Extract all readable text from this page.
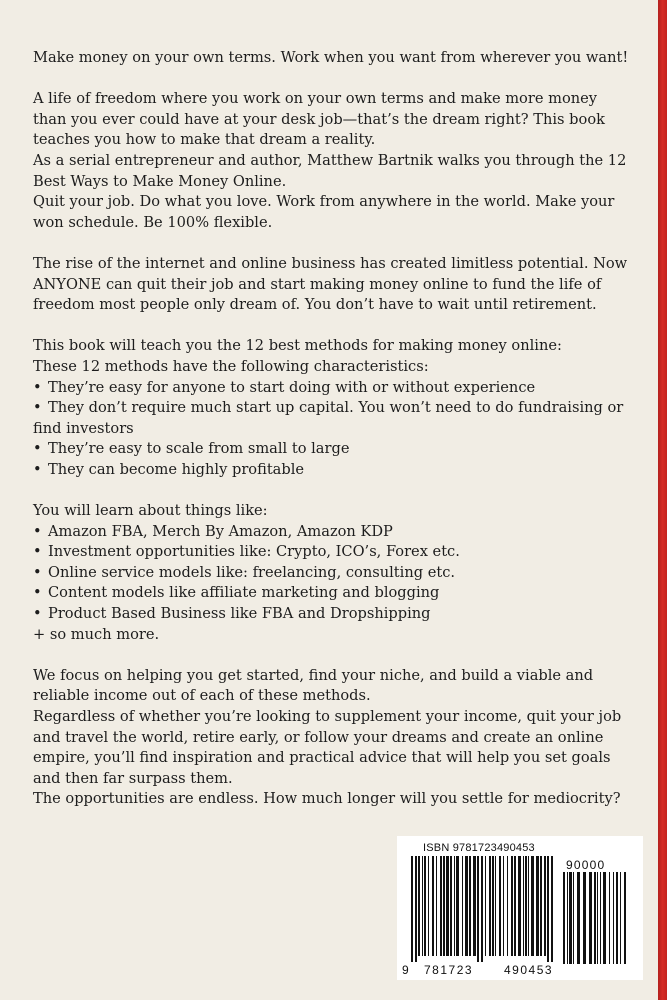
Make money on your own terms. Work when you want from wherever you want!

A life of freedom where you work on your own terms and make more money
than you ever could have at your desk job—that’s the dream right? This book
teaches you how to make that dream a reality.
As a serial entrepreneur and author, Matthew Bartnik walks you through the 12
Best Ways to Make Money Online.
Quit your job. Do what you love. Work from anywhere in the world. Make your
won schedule. Be 100% flexible.

The rise of the internet and online business has created limitless potential. Now
ANYONE can quit their job and start making money online to fund the life of
freedom most people only dream of. You don’t have to wait until retirement.

This book will teach you the 12 best methods for making money online:
These 12 methods have the following characteristics:
• They’re easy for anyone to start doing with or without experience
• They don’t require much start up capital. You won’t need to do fundraising or
find investors
• They’re easy to scale from small to large
• They can become highly profitable
You will learn about things like:
• Amazon FBA, Merch By Amazon, Amazon KDP
• Investment opportunities like: Crypto, ICO’s, Forex etc.
• Online service models like: freelancing, consulting etc.
• Content models like affiliate marketing and blogging
• Product Based Business like FBA and Dropshipping
+ so much more.

We focus on helping you get started, find your niche, and build a viable and
reliable income out of each of these methods.
Regardless of whether you’re looking to supplement your income, quit your job
and travel the world, retire early, or follow your dreams and create an online
empire, you’ll find inspiration and practical advice that will help you set goals
and then far surpass them.
The opportunities are endless. How much longer will you settle for mediocrity?

ISBN 9781723490453
90000
9 781723	490453
